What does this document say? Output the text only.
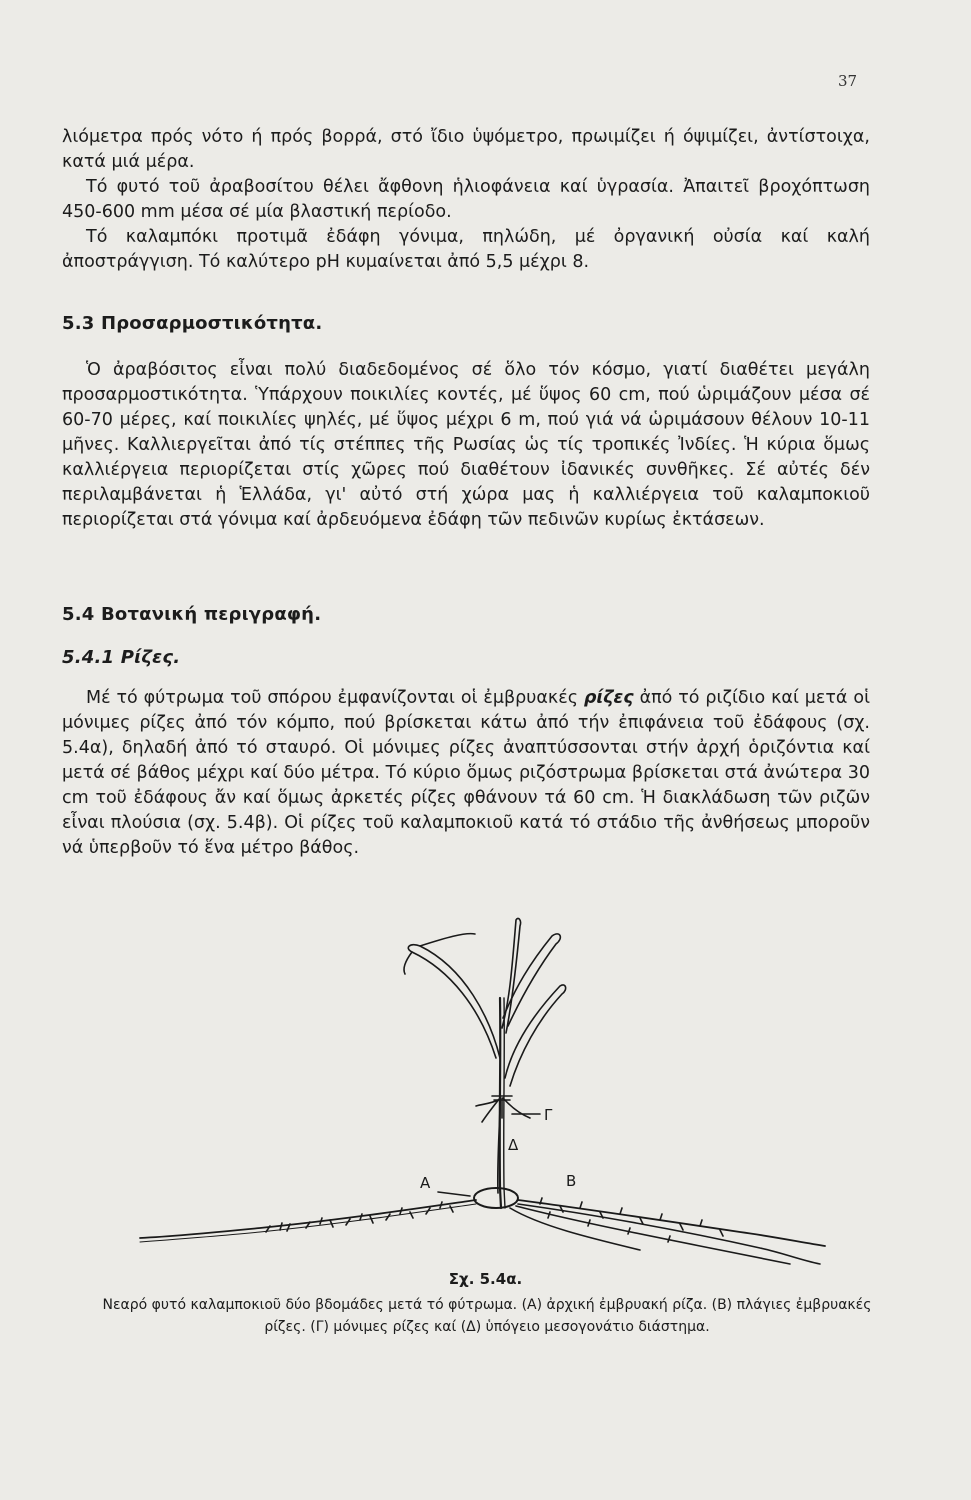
37

λιόμετρα πρός νότο ή πρός βορρά, στό ἴδιο ὑψόμετρο, πρωιμίζει ή όψιμίζει, ἀντίστοιχα, κατά μιά μέρα.

Τό φυτό τοῦ ἀραβοσίτου θέλει ἄφθονη ἡλιοφάνεια καί ὑγρασία. Ἀπαιτεῖ βροχόπτωση 450-600 mm μέσα σέ μία βλαστική περίοδο.

Τό καλαμπόκι προτιμᾶ ἐδάφη γόνιμα, πηλώδη, μέ ὀργανική οὐσία καί καλή ἀποστράγγιση. Τό καλύτερο pH κυμαίνεται ἀπό 5,5 μέχρι 8.

5.3 Προσαρμοστικότητα.

Ὁ ἀραβόσιτος εἶναι πολύ διαδεδομένος σέ ὅλο τόν κόσμο, γιατί διαθέτει μεγάλη προσαρμοστικότητα. Ὑπάρχουν ποικιλίες κοντές, μέ ὕψος 60 cm, πού ὡριμάζουν μέσα σέ 60-70 μέρες, καί ποικιλίες ψηλές, μέ ὕψος μέχρι 6 m, πού γιά νά ὡριμάσουν θέλουν 10-11 μῆνες. Καλλιεργεῖται ἀπό τίς στέππες τῆς Ρωσίας ὡς τίς τροπικές Ἰνδίες. Ἡ κύρια ὅμως καλλιέργεια περιορίζεται στίς χῶρες πού διαθέτουν ἰδανικές συνθῆκες. Σέ αὐτές δέν περιλαμβάνεται ἡ Ἑλλάδα, γι' αὐτό στή χώρα μας ἡ καλλιέργεια τοῦ καλαμποκιοῦ περιορίζεται στά γόνιμα καί ἀρδευόμενα ἐδάφη τῶν πεδινῶν κυρίως ἐκτάσεων.

5.4 Βοτανική περιγραφή.
5.4.1 Ρίζες.

Μέ τό φύτρωμα τοῦ σπόρου ἐμφανίζονται οἱ ἐμβρυακές ρίζες ἀπό τό ριζίδιο καί μετά οἱ μόνιμες ρίζες ἀπό τόν κόμπο, πού βρίσκεται κάτω ἀπό τήν ἐπιφάνεια τοῦ ἐδάφους (σχ. 5.4α), δηλαδή ἀπό τό σταυρό. Οἱ μόνιμες ρίζες ἀναπτύσσονται στήν ἀρχή ὁριζόντια καί μετά σέ βάθος μέχρι καί δύο μέτρα. Τό κύριο ὅμως ριζόστρωμα βρίσκεται στά ἀνώτερα 30 cm τοῦ ἐδάφους ἄν καί ὅμως ἀρκετές ρίζες φθάνουν τά 60 cm. Ἡ διακλάδωση τῶν ριζῶν εἶναι πλούσια (σχ. 5.4β). Οἱ ρίζες τοῦ καλαμποκιοῦ κατά τό στάδιο τῆς ἀνθήσεως μποροῦν νά ὑπερβοῦν τό ἕνα μέτρο βάθος.

Γ
Δ
Α	Β

Σχ. 5.4α.

Νεαρό φυτό καλαμποκιοῦ δύο βδομάδες μετά τό φύτρωμα. (Α) ἀρχική ἐμβρυακή ρίζα. (Β) πλάγιες ἐμβρυακές ρίζες. (Γ) μόνιμες ρίζες καί (Δ) ὑπόγειο μεσογονάτιο διάστημα.
